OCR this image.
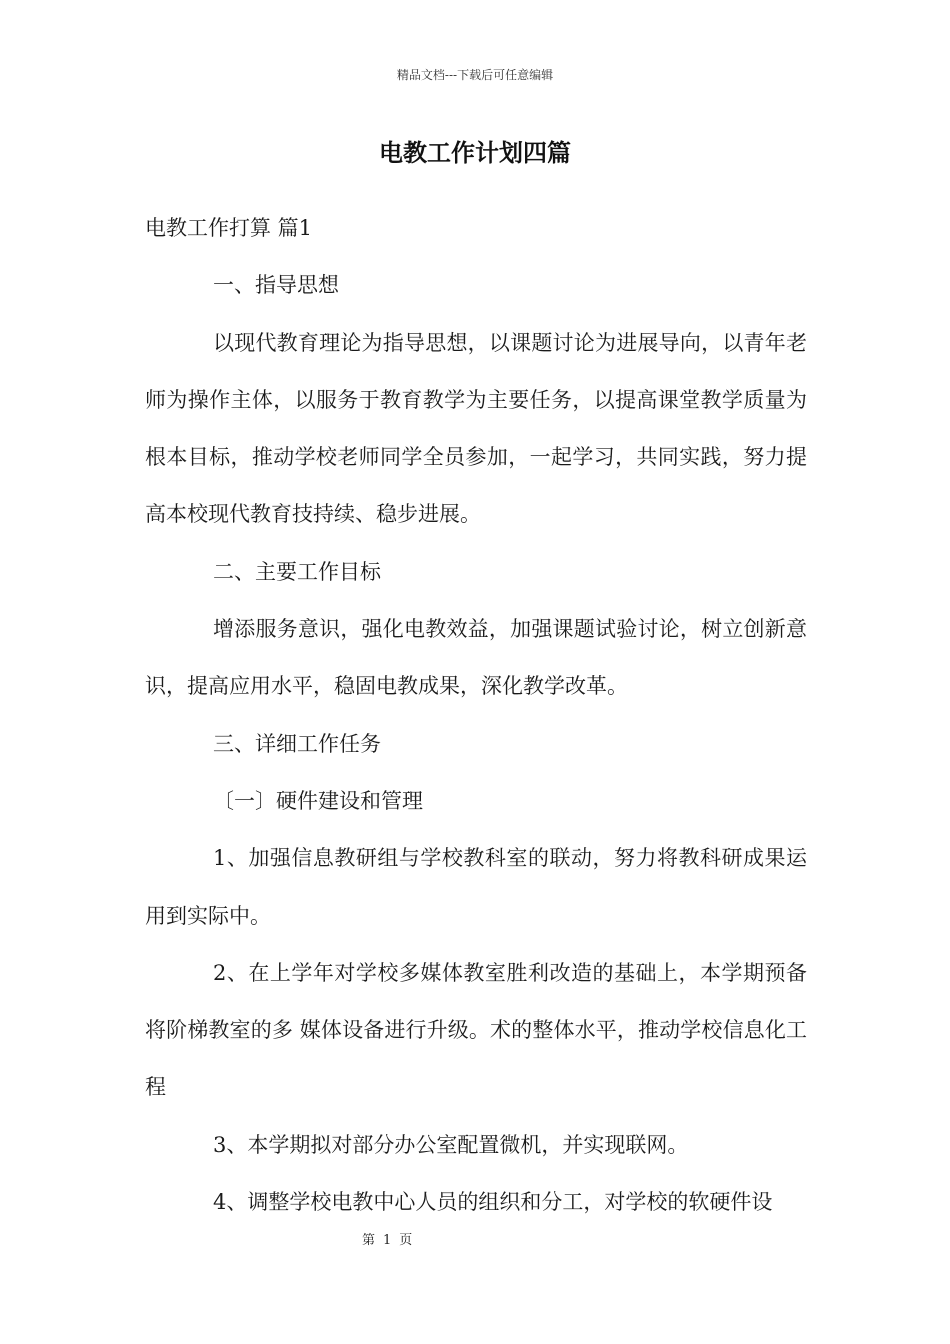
精品文档---下载后可任意编辑
电教工作计划四篇

电教工作打算 篇1

一、指导思想

以现代教育理论为指导思想，以课题讨论为进展导向，以青年老师为操作主体，以服务于教育教学为主要任务，以提高课堂教学质量为根本目标，推动学校老师同学全员参加，一起学习，共同实践，努力提高本校现代教育技持续、稳步进展。

二、主要工作目标

增添服务意识，强化电教效益，加强课题试验讨论，树立创新意识，提高应用水平，稳固电教成果，深化教学改革。

三、详细工作任务

〔一〕硬件建设和管理

1、加强信息教研组与学校教科室的联动，努力将教科研成果运用到实际中。

2、在上学年对学校多媒体教室胜利改造的基础上，本学期预备将阶梯教室的多 媒体设备进行升级。术的整体水平，推动学校信息化工程

3、本学期拟对部分办公室配置微机，并实现联网。

4、调整学校电教中心人员的组织和分工，对学校的软硬件设

第 1 页
